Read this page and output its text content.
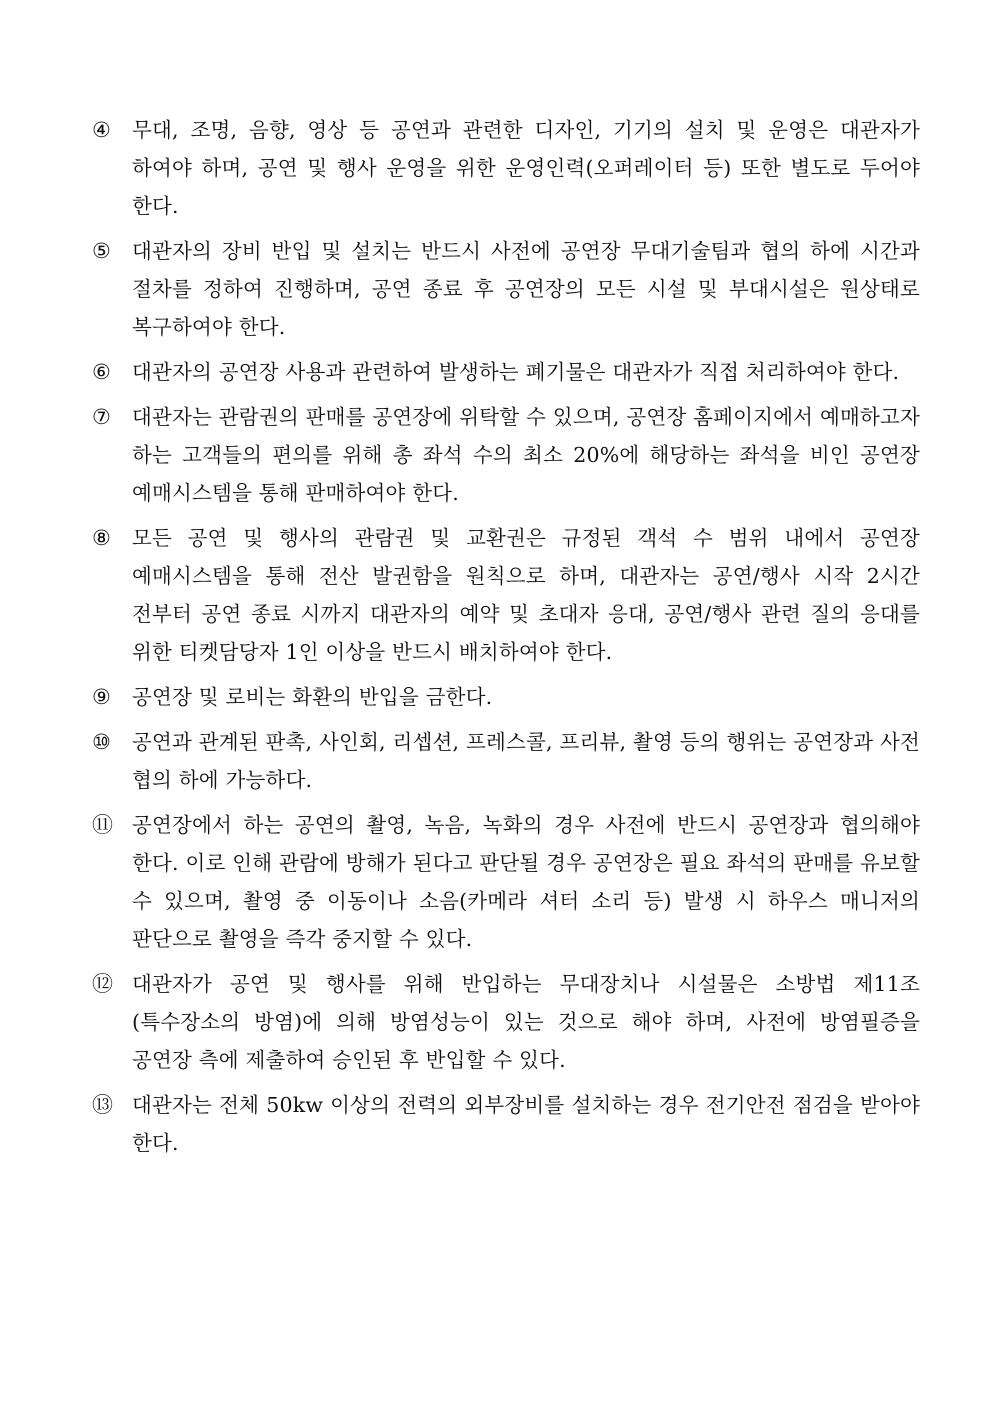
④	무대, 조명, 음향, 영상 등 공연과 관련한 디자인, 기기의 설치 및 운영은 대관자가 하여야 하며, 공연 및 행사 운영을 위한 운영인력(오퍼레이터 등) 또한 별도로 두어야 한다.
⑤	대관자의 장비 반입 및 설치는 반드시 사전에 공연장 무대기술팀과 협의 하에 시간과 절차를 정하여 진행하며, 공연 종료 후 공연장의 모든 시설 및 부대시설은 원상태로 복구하여야 한다.
⑥	대관자의 공연장 사용과 관련하여 발생하는 폐기물은 대관자가 직접 처리하여야 한다.
⑦	대관자는 관람권의 판매를 공연장에 위탁할 수 있으며, 공연장 홈페이지에서 예매하고자 하는 고객들의 편의를 위해 총 좌석 수의 최소 20%에 해당하는 좌석을 비인 공연장 예매시스템을 통해 판매하여야 한다.
⑧	모든 공연 및 행사의 관람권 및 교환권은 규정된 객석 수 범위 내에서 공연장 예매시스템을 통해 전산 발권함을 원칙으로 하며, 대관자는 공연/행사 시작 2시간 전부터 공연 종료 시까지 대관자의 예약 및 초대자 응대, 공연/행사 관련 질의 응대를 위한 티켓담당자 1인 이상을 반드시 배치하여야 한다.
⑨	공연장 및 로비는 화환의 반입을 금한다.
⑩	공연과 관계된 판촉, 사인회, 리셉션, 프레스콜, 프리뷰, 촬영 등의 행위는 공연장과 사전 협의 하에 가능하다.
⑪ 공연장에서 하는 공연의 촬영, 녹음, 녹화의 경우 사전에 반드시 공연장과 협의해야 한다. 이로 인해 관람에 방해가 된다고 판단될 경우 공연장은 필요 좌석의 판매를 유보할 수 있으며, 촬영 중 이동이나 소음(카메라 셔터 소리 등) 발생 시 하우스 매니저의 판단으로 촬영을 즉각 중지할 수 있다.
⑫ 대관자가 공연 및 행사를 위해 반입하는 무대장치나 시설물은 소방법 제11조(특수장소의 방염)에 의해 방염성능이 있는 것으로 해야 하며, 사전에 방염필증을 공연장 측에 제출하여 승인된 후 반입할 수 있다.
⑬ 대관자는 전체 50kw 이상의 전력의 외부장비를 설치하는 경우 전기안전 점검을 받아야 한다.
